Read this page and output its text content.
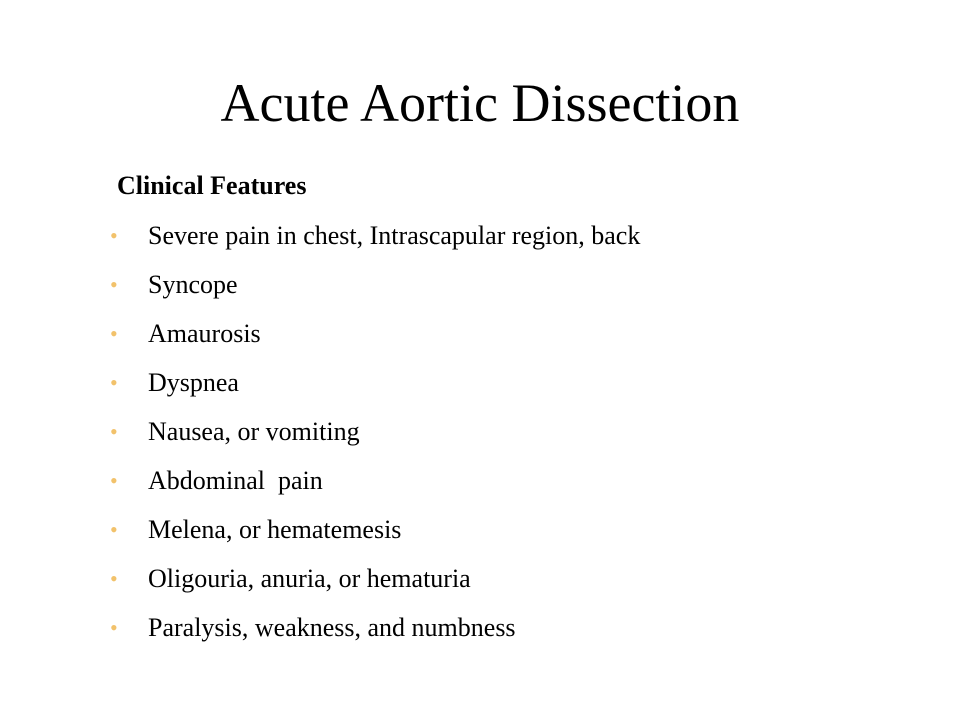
Acute Aortic Dissection
Clinical Features
•	Severe pain in chest, Intrascapular region, back
•	Syncope
•	Amaurosis
•	Dyspnea
•	Nausea, or vomiting
•	Abdominal  pain
•	Melena, or hematemesis
•	Oligouria, anuria, or hematuria
•	Paralysis, weakness, and numbness
